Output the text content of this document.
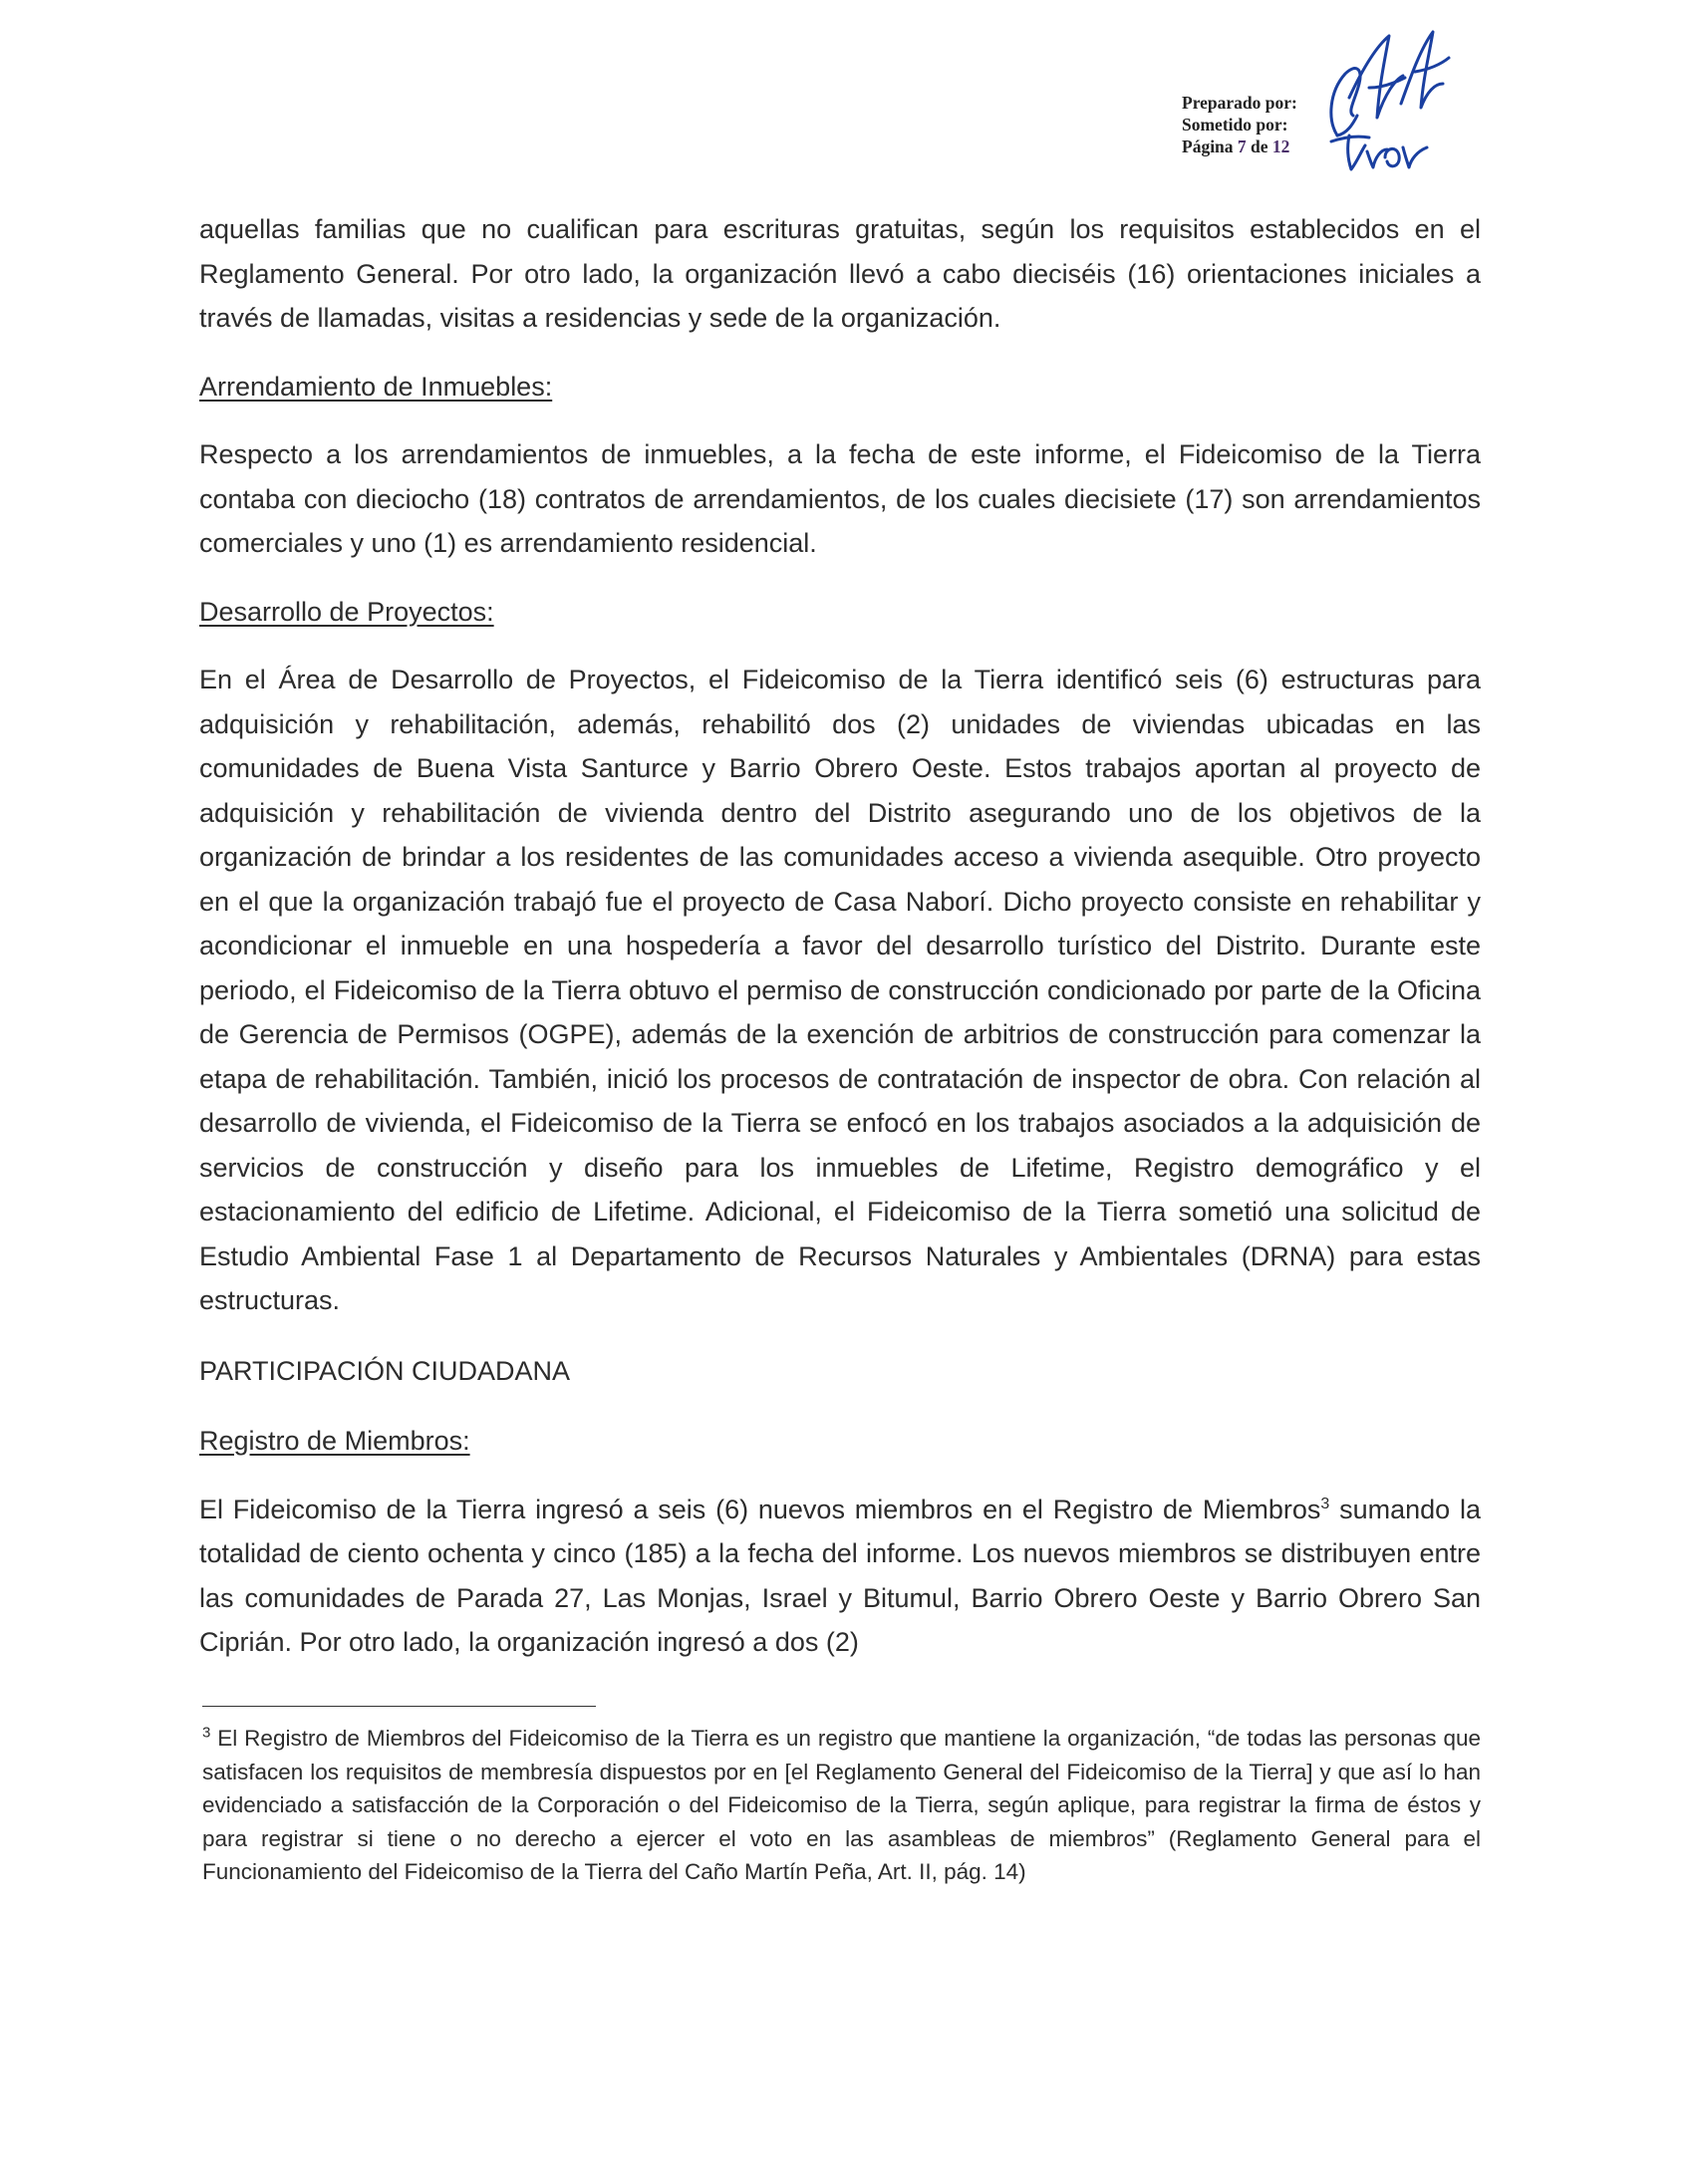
Preparado por:
Sometido por:
Página 7 de 12

aquellas familias que no cualifican para escrituras gratuitas, según los requisitos establecidos en el Reglamento General. Por otro lado, la organización llevó a cabo dieciséis (16) orientaciones iniciales a través de llamadas, visitas a residencias y sede de la organización.

Arrendamiento de Inmuebles:

Respecto a los arrendamientos de inmuebles, a la fecha de este informe, el Fideicomiso de la Tierra contaba con dieciocho (18) contratos de arrendamientos, de los cuales diecisiete (17) son arrendamientos comerciales y uno (1) es arrendamiento residencial.

Desarrollo de Proyectos:

En el Área de Desarrollo de Proyectos, el Fideicomiso de la Tierra identificó seis (6) estructuras para adquisición y rehabilitación, además, rehabilitó dos (2) unidades de viviendas ubicadas en las comunidades de Buena Vista Santurce y Barrio Obrero Oeste. Estos trabajos aportan al proyecto de adquisición y rehabilitación de vivienda dentro del Distrito asegurando uno de los objetivos de la organización de brindar a los residentes de las comunidades acceso a vivienda asequible. Otro proyecto en el que la organización trabajó fue el proyecto de Casa Naborí. Dicho proyecto consiste en rehabilitar y acondicionar el inmueble en una hospedería a favor del desarrollo turístico del Distrito. Durante este periodo, el Fideicomiso de la Tierra obtuvo el permiso de construcción condicionado por parte de la Oficina de Gerencia de Permisos (OGPE), además de la exención de arbitrios de construcción para comenzar la etapa de rehabilitación. También, inició los procesos de contratación de inspector de obra. Con relación al desarrollo de vivienda, el Fideicomiso de la Tierra se enfocó en los trabajos asociados a la adquisición de servicios de construcción y diseño para los inmuebles de Lifetime, Registro demográfico y el estacionamiento del edificio de Lifetime. Adicional, el Fideicomiso de la Tierra sometió una solicitud de Estudio Ambiental Fase 1 al Departamento de Recursos Naturales y Ambientales (DRNA) para estas estructuras.

PARTICIPACIÓN CIUDADANA
Registro de Miembros:

El Fideicomiso de la Tierra ingresó a seis (6) nuevos miembros en el Registro de Miembros$^3$ sumando la totalidad de ciento ochenta y cinco (185) a la fecha del informe. Los nuevos miembros se distribuyen entre las comunidades de Parada 27, Las Monjas, Israel y Bitumul, Barrio Obrero Oeste y Barrio Obrero San Ciprián. Por otro lado, la organización ingresó a dos (2)

$^3$ El Registro de Miembros del Fideicomiso de la Tierra es un registro que mantiene la organización, “de todas las personas que satisfacen los requisitos de membresía dispuestos por en [el Reglamento General del Fideicomiso de la Tierra] y que así lo han evidenciado a satisfacción de la Corporación o del Fideicomiso de la Tierra, según aplique, para registrar la firma de éstos y para registrar si tiene o no derecho a ejercer el voto en las asambleas de miembros” (Reglamento General para el Funcionamiento del Fideicomiso de la Tierra del Caño Martín Peña, Art. II, pág. 14)
